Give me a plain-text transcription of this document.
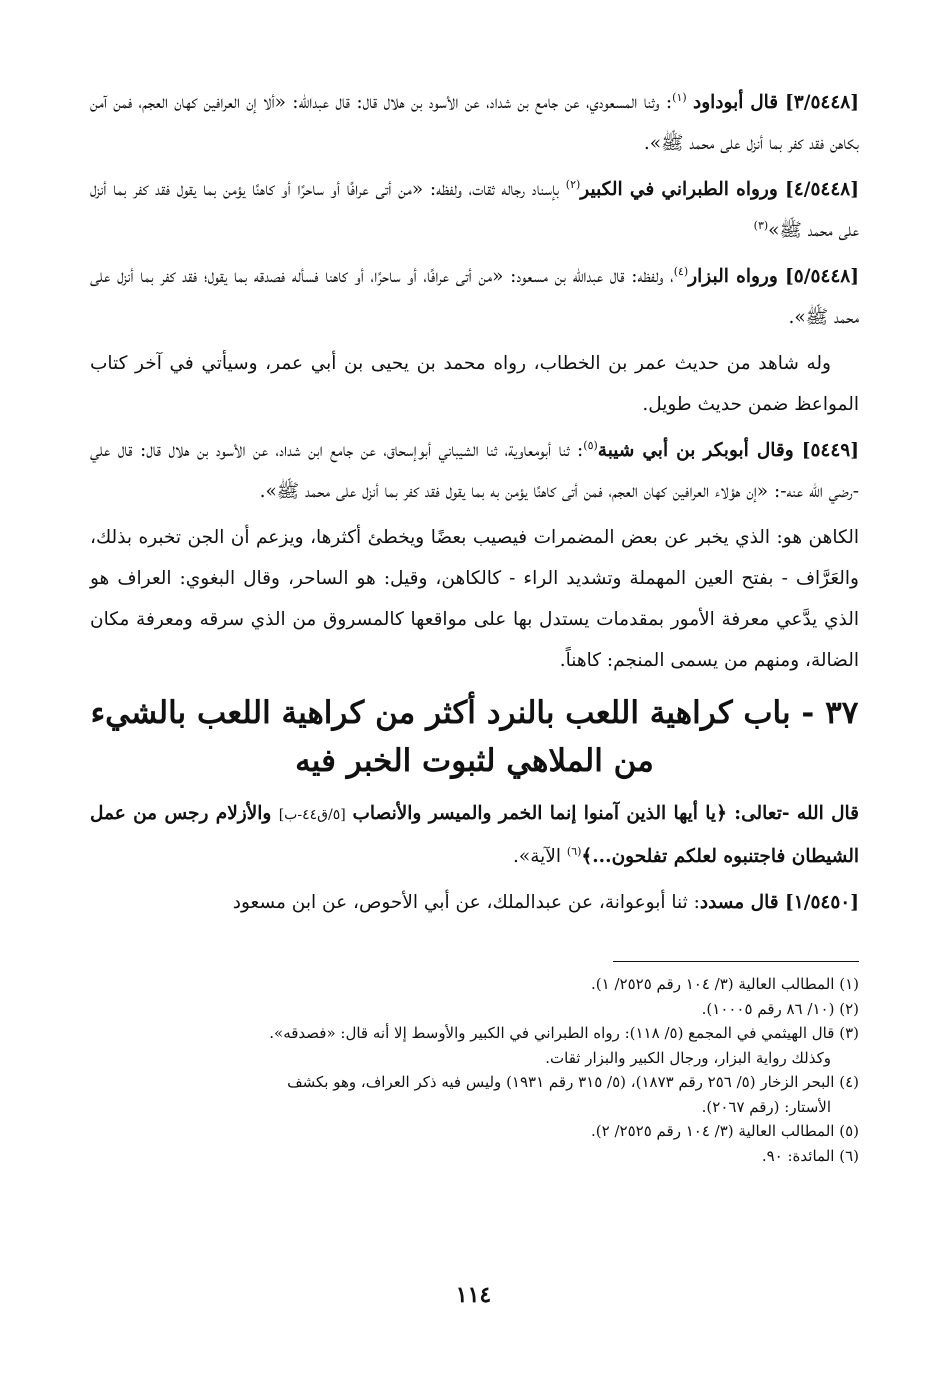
[٣/٥٤٤٨] قال أبوداود $^{(١)}$: وثنا المسعودي، عن جامع بن شداد، عن الأسود بن هلال قال: قال عبدالله: «ألا إن العرافين كهان العجم، فمن آمن بكاهن فقد كفر بما أنزل على محمد ﷺ».

[٤/٥٤٤٨] ورواه الطبراني في الكبير$^{(٢)}$ بإسناد رجاله ثقات، ولفظه: «من أتى عرافًا أو ساحرًا أو كاهنًا يؤمن بما يقول فقد كفر بما أنزل على محمد ﷺ»$^{(٣)}$

[٥/٥٤٤٨] ورواه البزار$^{(٤)}$، ولفظه: قال عبدالله بن مسعود: «من أتى عرافًا، أو ساحرًا، أو كاهنا فسأله فصدقه بما يقول؛ فقد كفر بما أنزل على محمد ﷺ».

وله شاهد من حديث عمر بن الخطاب، رواه محمد بن يحيى بن أبي عمر، وسيأتي في آخر كتاب المواعظ ضمن حديث طويل.

[٥٤٤٩] وقال أبوبكر بن أبي شيبة$^{(٥)}$: ثنا أبومعاوية، ثنا الشيباني أبوإسحاق، عن جامع ابن شداد، عن الأسود بن هلال قال: قال علي -رضي الله عنه-: «إن هؤلاء العرافين كهان العجم، فمن أتى كاهنًا يؤمن به بما يقول فقد كفر بما أنزل على محمد ﷺ».

الكاهن هو: الذي يخبر عن بعض المضمرات فيصيب بعضًا ويخطئ أكثرها، ويزعم أن الجن تخبره بذلك، والعَرَّاف - بفتح العين المهملة وتشديد الراء - كالكاهن، وقيل: هو الساحر، وقال البغوي: العراف هو الذي يدَّعي معرفة الأمور بمقدمات يستدل بها على مواقعها كالمسروق من الذي سرقه ومعرفة مكان الضالة، ومنهم من يسمى المنجم: كاهناً.

٣٧ - باب كراهية اللعب بالنرد أكثر من كراهية اللعب بالشيء من الملاهي لثبوت الخبر فيه

قال الله -تعالى: ﴿يا أيها الذين آمنوا إنما الخمر والميسر والأنصاب [٥/ق٤٤-ب] والأزلام رجس من عمل الشيطان فاجتنبوه لعلكم تفلحون...﴾$^{(٦)}$ الآية».

[١/٥٤٥٠] قال مسدد: ثنا أبوعوانة، عن عبدالملك، عن أبي الأحوص، عن ابن مسعود

(١) المطالب العالية (٣/ ١٠٤ رقم ٢٥٢٥/ ١).

(٢) (١٠/ ٨٦ رقم ١٠٠٠٥).

(٣) قال الهيثمي في المجمع (٥/ ١١٨): رواه الطبراني في الكبير والأوسط إلا أنه قال: «فصدقه».
وكذلك رواية البزار، ورجال الكبير والبزار ثقات.

(٤) البحر الزخار (٥/ ٢٥٦ رقم ١٨٧٣)، (٥/ ٣١٥ رقم ١٩٣١) وليس فيه ذكر العراف، وهو بكشف
الأستار: (رقم ٢٠٦٧).

(٥) المطالب العالية (٣/ ١٠٤ رقم ٢٥٢٥/ ٢).

(٦) المائدة: ٩٠.

١١٤
